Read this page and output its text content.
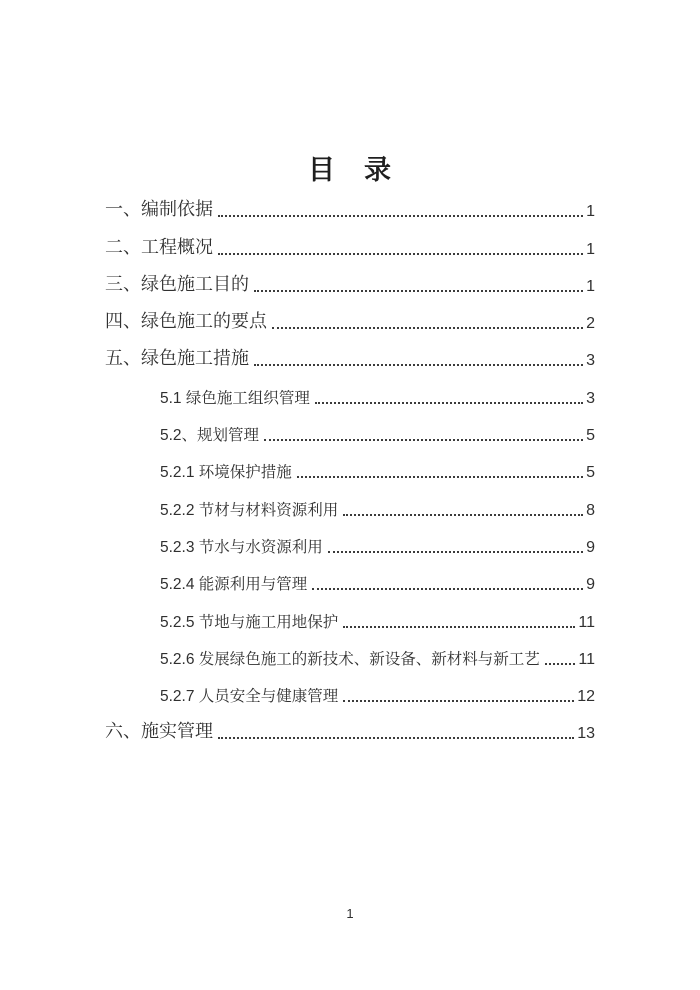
目　录
一、编制依据	1
二、工程概况	1
三、绿色施工目的	1
四、绿色施工的要点	2
五、绿色施工措施	3
5.1 绿色施工组织管理	3
5.2、规划管理	5
5.2.1 环境保护措施	5
5.2.2 节材与材料资源利用	8
5.2.3 节水与水资源利用	9
5.2.4 能源利用与管理	9
5.2.5 节地与施工用地保护	11
5.2.6 发展绿色施工的新技术、新设备、新材料与新工艺 11
5.2.7 人员安全与健康管理	12
六、施实管理	13
1
